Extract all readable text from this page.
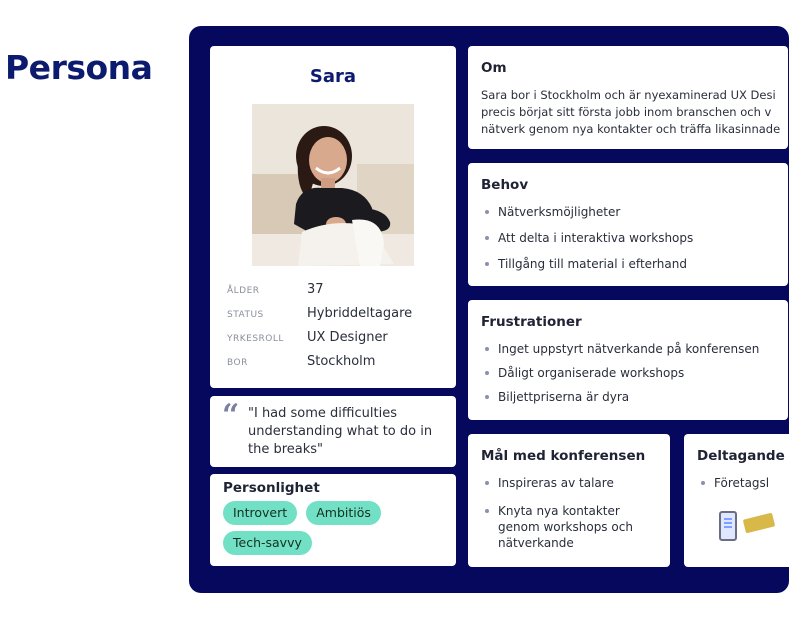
Persona	Sara
ÅLDER	37
STATUS	Hybriddeltagare
YRKESROLL	UX Designer
BOR	Stockholm
“ "I had some difficulties understanding what to do in the breaks"
Personlighet
Introvert Ambitiös Tech-savvy
Om
Sara bor i Stockholm och är nyexaminerad UX Desi
precis börjat sitt första jobb inom branschen och v
nätverk genom nya kontakter och träffa likasinnade
Behov
Nätverksmöjligheter
Att delta i interaktiva workshops
Tillgång till material i efterhand
Frustrationer
Inget uppstyrt nätverkande på konferensen
Dåligt organiserade workshops
Biljettpriserna är dyra
Mål med konferensen
Inspireras av talare
Knyta nya kontakter genom workshops och nätverkande
Deltagande
Företagsl
